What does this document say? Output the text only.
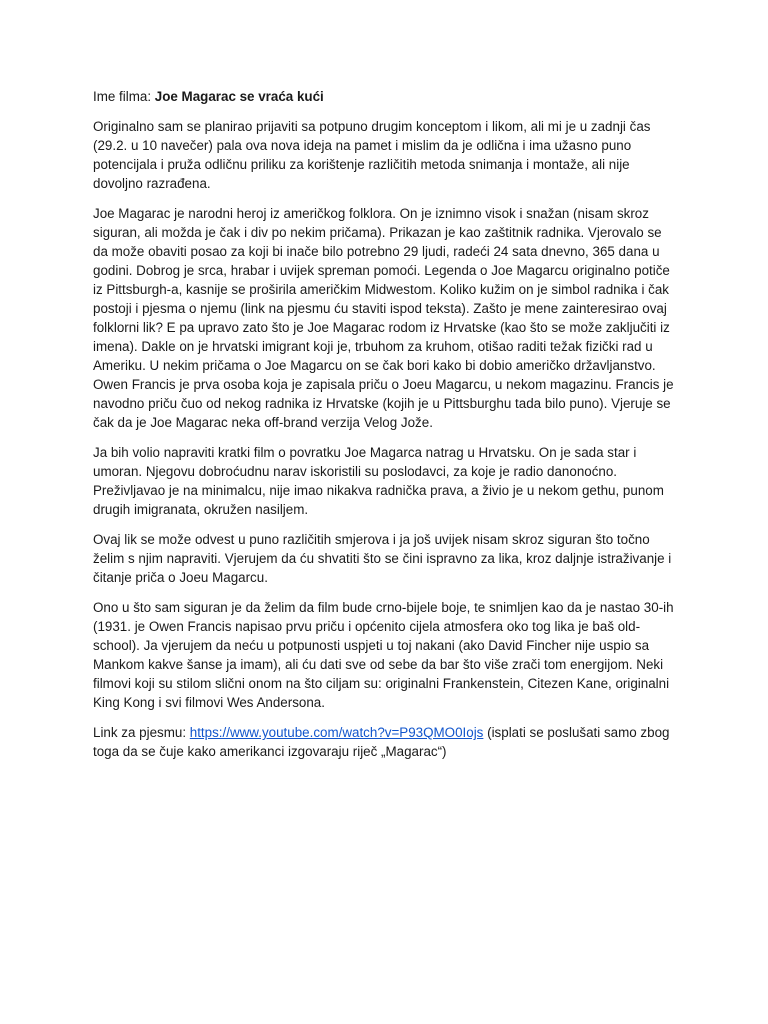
Ime filma: Joe Magarac se vraća kući

Originalno sam se planirao prijaviti sa potpuno drugim konceptom i likom, ali mi je u zadnji čas (29.2. u 10 navečer) pala ova nova ideja na pamet i mislim da je odlična i ima užasno puno potencijala i pruža odličnu priliku za korištenje različitih metoda snimanja i montaže, ali nije dovoljno razrađena.

Joe Magarac je narodni heroj iz američkog folklora. On je iznimno visok i snažan (nisam skroz siguran, ali možda je čak i div po nekim pričama). Prikazan je kao zaštitnik radnika. Vjerovalo se da može obaviti posao za koji bi inače bilo potrebno 29 ljudi, radeći 24 sata dnevno, 365 dana u godini. Dobrog je srca, hrabar i uvijek spreman pomoći. Legenda o Joe Magarcu originalno potiče iz Pittsburgh-a, kasnije se proširila američkim Midwestom. Koliko kužim on je simbol radnika i čak postoji i pjesma o njemu (link na pjesmu ću staviti ispod teksta). Zašto je mene zainteresirao ovaj folklorni lik? E pa upravo zato što je Joe Magarac rodom iz Hrvatske (kao što se može zaključiti iz imena). Dakle on je hrvatski imigrant koji je, trbuhom za kruhom, otišao raditi težak fizički rad u Ameriku. U nekim pričama o Joe Magarcu on se čak bori kako bi dobio američko državljanstvo. Owen Francis je prva osoba koja je zapisala priču o Joeu Magarcu, u nekom magazinu. Francis je navodno priču čuo od nekog radnika iz Hrvatske (kojih je u Pittsburghu tada bilo puno). Vjeruje se čak da je Joe Magarac neka off-brand verzija Velog Jože.

Ja bih volio napraviti kratki film o povratku Joe Magarca natrag u Hrvatsku. On je sada star i umoran. Njegovu dobroćudnu narav iskoristili su poslodavci, za koje je radio danonoćno. Preživljavao je na minimalcu, nije imao nikakva radnička prava, a živio je u nekom gethu, punom drugih imigranata, okružen nasiljem.

Ovaj lik se može odvest u puno različitih smjerova i ja još uvijek nisam skroz siguran što točno želim s njim napraviti. Vjerujem da ću shvatiti što se čini ispravno za lika, kroz daljnje istraživanje i čitanje priča o Joeu Magarcu.

Ono u što sam siguran je da želim da film bude crno-bijele boje, te snimljen kao da je nastao 30-ih (1931. je Owen Francis napisao prvu priču i općenito cijela atmosfera oko tog lika je baš old-school). Ja vjerujem da neću u potpunosti uspjeti u toj nakani (ako David Fincher nije uspio sa Mankom kakve šanse ja imam), ali ću dati sve od sebe da bar što više zrači tom energijom. Neki filmovi koji su stilom slični onom na što ciljam su: originalni Frankenstein, Citezen Kane, originalni King Kong i svi filmovi Wes Andersona.

Link za pjesmu: https://www.youtube.com/watch?v=P93QMO0Iojs (isplati se poslušati samo zbog toga da se čuje kako amerikanci izgovaraju riječ „Magarac“)
